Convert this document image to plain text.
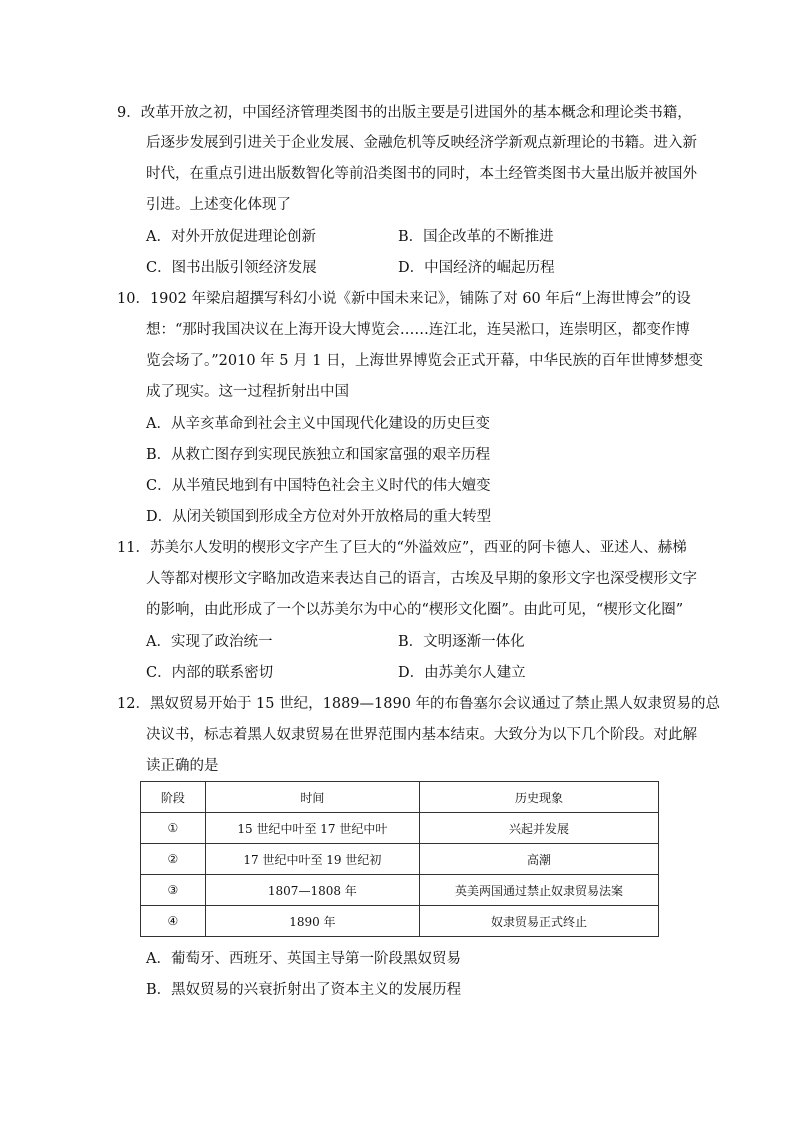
9．改革开放之初，中国经济管理类图书的出版主要是引进国外的基本概念和理论类书籍，
后逐步发展到引进关于企业发展、金融危机等反映经济学新观点新理论的书籍。进入新
时代，在重点引进出版数智化等前沿类图书的同时，本土经管类图书大量出版并被国外
引进。上述变化体现了
A．对外开放促进理论创新	B．国企改革的不断推进
C．图书出版引领经济发展	D．中国经济的崛起历程
10．1902 年梁启超撰写科幻小说《新中国未来记》，铺陈了对 60 年后“上海世博会”的设
想：“那时我国决议在上海开设大博览会……连江北，连吴淞口，连崇明区，都变作博
览会场了。”2010 年 5 月 1 日，上海世界博览会正式开幕，中华民族的百年世博梦想变
成了现实。这一过程折射出中国
A．从辛亥革命到社会主义中国现代化建设的历史巨变
B．从救亡图存到实现民族独立和国家富强的艰辛历程
C．从半殖民地到有中国特色社会主义时代的伟大嬗变
D．从闭关锁国到形成全方位对外开放格局的重大转型
11．苏美尔人发明的楔形文字产生了巨大的“外溢效应”，西亚的阿卡德人、亚述人、赫梯
人等都对楔形文字略加改造来表达自己的语言，古埃及早期的象形文字也深受楔形文字
的影响，由此形成了一个以苏美尔为中心的“楔形文化圈”。由此可见，“楔形文化圈”
A．实现了政治统一	B．文明逐渐一体化
C．内部的联系密切	D．由苏美尔人建立
12．黑奴贸易开始于 15 世纪，1889—1890 年的布鲁塞尔会议通过了禁止黑人奴隶贸易的总
决议书，标志着黑人奴隶贸易在世界范围内基本结束。大致分为以下几个阶段。对此解
读正确的是
阶段	时间	历史现象
①	15 世纪中叶至 17 世纪中叶	兴起并发展
②	17 世纪中叶至 19 世纪初	高潮
③	1807—1808 年	英美两国通过禁止奴隶贸易法案
④	1890 年	奴隶贸易正式终止
A．葡萄牙、西班牙、英国主导第一阶段黑奴贸易
B．黑奴贸易的兴衰折射出了资本主义的发展历程
